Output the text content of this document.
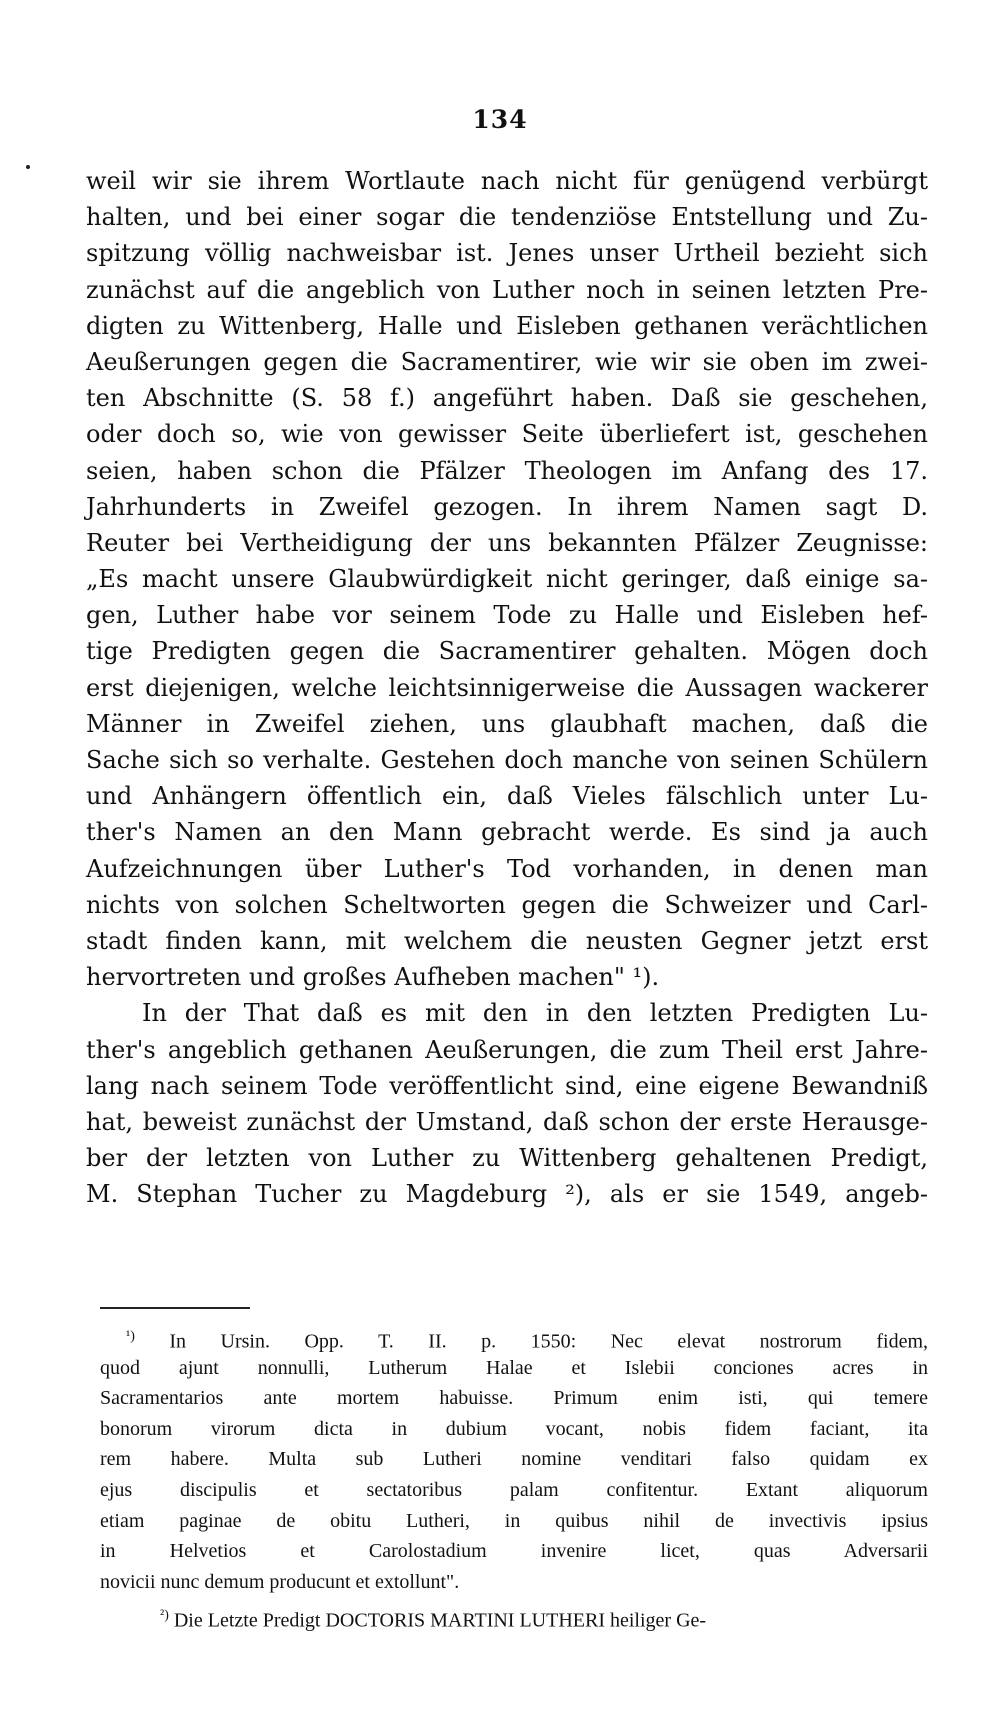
134
weil wir sie ihrem Wortlaute nach nicht für genügend verbürgt
halten, und bei einer sogar die tendenziöse Entstellung und Zu-
spitzung völlig nachweisbar ist. Jenes unser Urtheil bezieht sich
zunächst auf die angeblich von Luther noch in seinen letzten Pre-
digten zu Wittenberg, Halle und Eisleben gethanen verächtlichen
Aeußerungen gegen die Sacramentirer, wie wir sie oben im zwei-
ten Abschnitte (S. 58 f.) angeführt haben. Daß sie geschehen,
oder doch so, wie von gewisser Seite überliefert ist, geschehen
seien, haben schon die Pfälzer Theologen im Anfang des 17.
Jahrhunderts in Zweifel gezogen. In ihrem Namen sagt D.
Reuter bei Vertheidigung der uns bekannten Pfälzer Zeugnisse:
„Es macht unsere Glaubwürdigkeit nicht geringer, daß einige sa-
gen, Luther habe vor seinem Tode zu Halle und Eisleben hef-
tige Predigten gegen die Sacramentirer gehalten. Mögen doch
erst diejenigen, welche leichtsinnigerweise die Aussagen wackerer
Männer in Zweifel ziehen, uns glaubhaft machen, daß die
Sache sich so verhalte. Gestehen doch manche von seinen Schülern
und Anhängern öffentlich ein, daß Vieles fälschlich unter Lu-
ther's Namen an den Mann gebracht werde. Es sind ja auch
Aufzeichnungen über Luther's Tod vorhanden, in denen man
nichts von solchen Scheltworten gegen die Schweizer und Carl-
stadt finden kann, mit welchem die neusten Gegner jetzt erst
hervortreten und großes Aufheben machen" ¹).
In der That daß es mit den in den letzten Predigten Lu-
ther's angeblich gethanen Aeußerungen, die zum Theil erst Jahre-
lang nach seinem Tode veröffentlicht sind, eine eigene Bewandniß
hat, beweist zunächst der Umstand, daß schon der erste Herausge-
ber der letzten von Luther zu Wittenberg gehaltenen Predigt,
M. Stephan Tucher zu Magdeburg ²), als er sie 1549, angeb-
$^{^1)}$ In Ursin. Opp. T. II. p. 1550: Nec elevat nostrorum fidem,
quod ajunt nonnulli, Lutherum Halae et Islebii conciones acres in
Sacramentarios ante mortem habuisse. Primum enim isti, qui temere
bonorum virorum dicta in dubium vocant, nobis fidem faciant, ita
rem habere. Multa sub Lutheri nomine venditari falso quidam ex
ejus discipulis et sectatoribus palam confitentur. Extant aliquorum
etiam paginae de obitu Lutheri, in quibus nihil de invectivis ipsius
in Helvetios et Carolostadium invenire licet, quas Adversarii
novicii nunc demum producunt et extollunt".
$^{^2)}$ Die Letzte Predigt DOCTORIS MARTINI LUTHERI heiliger Ge-
